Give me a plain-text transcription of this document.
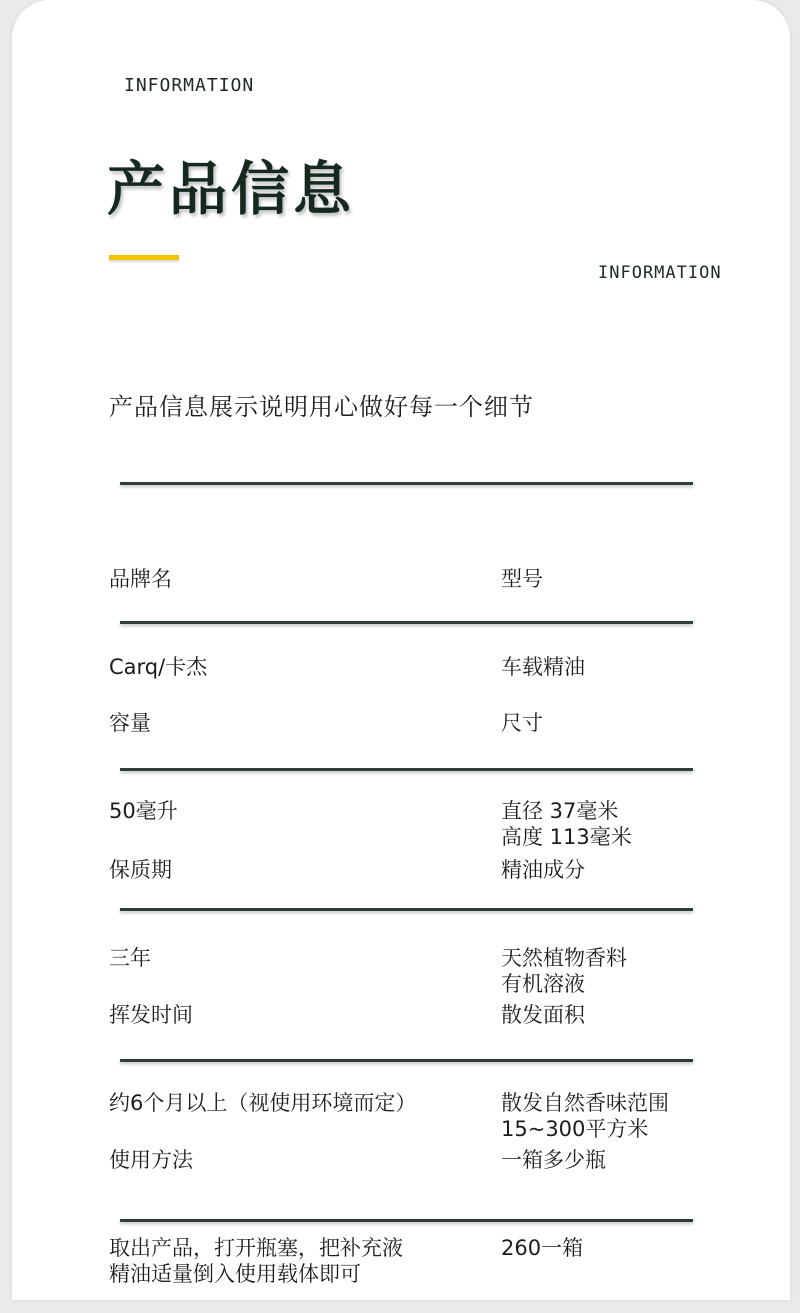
INFORMATION
产品信息
INFORMATION
产品信息展示说明用心做好每一个细节

品牌名

Carq/卡杰

型号

车载精油

容量

50毫升

尺寸

直径 37毫米
高度 113毫米

保质期

三年

精油成分

天然植物香料
有机溶液

挥发时间

约6个月以上（视使用环境而定）

散发面积

散发自然香味范围
15~300平方米

使用方法

取出产品，打开瓶塞，把补充液
精油适量倒入使用载体即可

一箱多少瓶

260一箱
